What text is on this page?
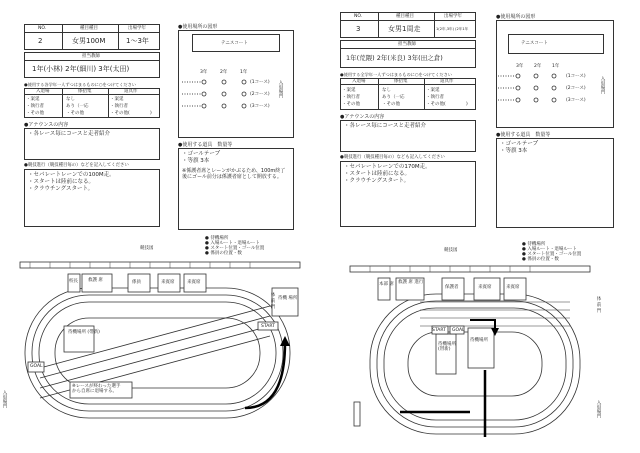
NO.	種目種目	出場学年
2	女男100M	1〜3年
担当教師
1年(小林) 2年(細川) 3年(太田)
●使用する各学年一人ずつはまるものに○をつけてください
入退場	係招集	道具作
・案延	なし	・案延
・執行者	あり（一応	・執行者
・その他	・その他	・その他(	)
●アナウンスの内容
・各レース毎にコースと走者紹介
●競技進行（競技種目毎の）などを記入してください
・セパレートレーンでの100M走。
・スタートは陸前になる。
・クラウチングスタート。
●使用場所の図形
テニスコート
3年	2年	1年
(1コース)
(2コース)
(3コース)
入退場門
●使用する道具　数量等
・ゴールテープ
・等旗 3本
※係護者席とレーンがかぶるため、100m終了後にゴール前分は係護者席として開放する。
競技図
● 待機場所
● 入場ルート・退場ルート
● スタート位置・ゴール位置
● 係員の位置・数
校長 救護 席	係員	来賓席	来賓席
START
GOAL
待機 場所
待機場所 (帯新)
入退場門
体 前 門
※レースが終わった選手
から自席に退場する。
NO.	種目種目	出場学年
3	女男1周走	1(2年,3年) (2年1年
担当教師
1年(荒隈) 2年(米良) 3年(田之倉)
●使用する全学年一人ずつはまるものに○をつけてください
入退場	係招集	道具作
・案延	なし	・案延
・執行者	あり（一応	・執行者
・その他	・その他	・その他(	)
●アナウンスの内容
・各レース毎にコースと走者紹介
●競技進行（競技種目毎の）なども記入してください
・セパレートレーンでの170M走。
・スタートは陸前になる。
・クラウチングスタート。
●使用場所の図形
テニスコート
3年 2年 1年
(1コース)
(2コース)
(3コース)
入退場門
●使用する道具　数量等
・ゴールテープ
・等旗 3本
競技図
● 待機場所
● 入場ルート・退場ルート
● スタート位置・ゴール位置
● 係員の位置・数
本部 席 救護 席 進行
保護者	来賓席	来賓席
START GOAL
待機場所
(帯新)
待機場所
体 前 門
入退場門
